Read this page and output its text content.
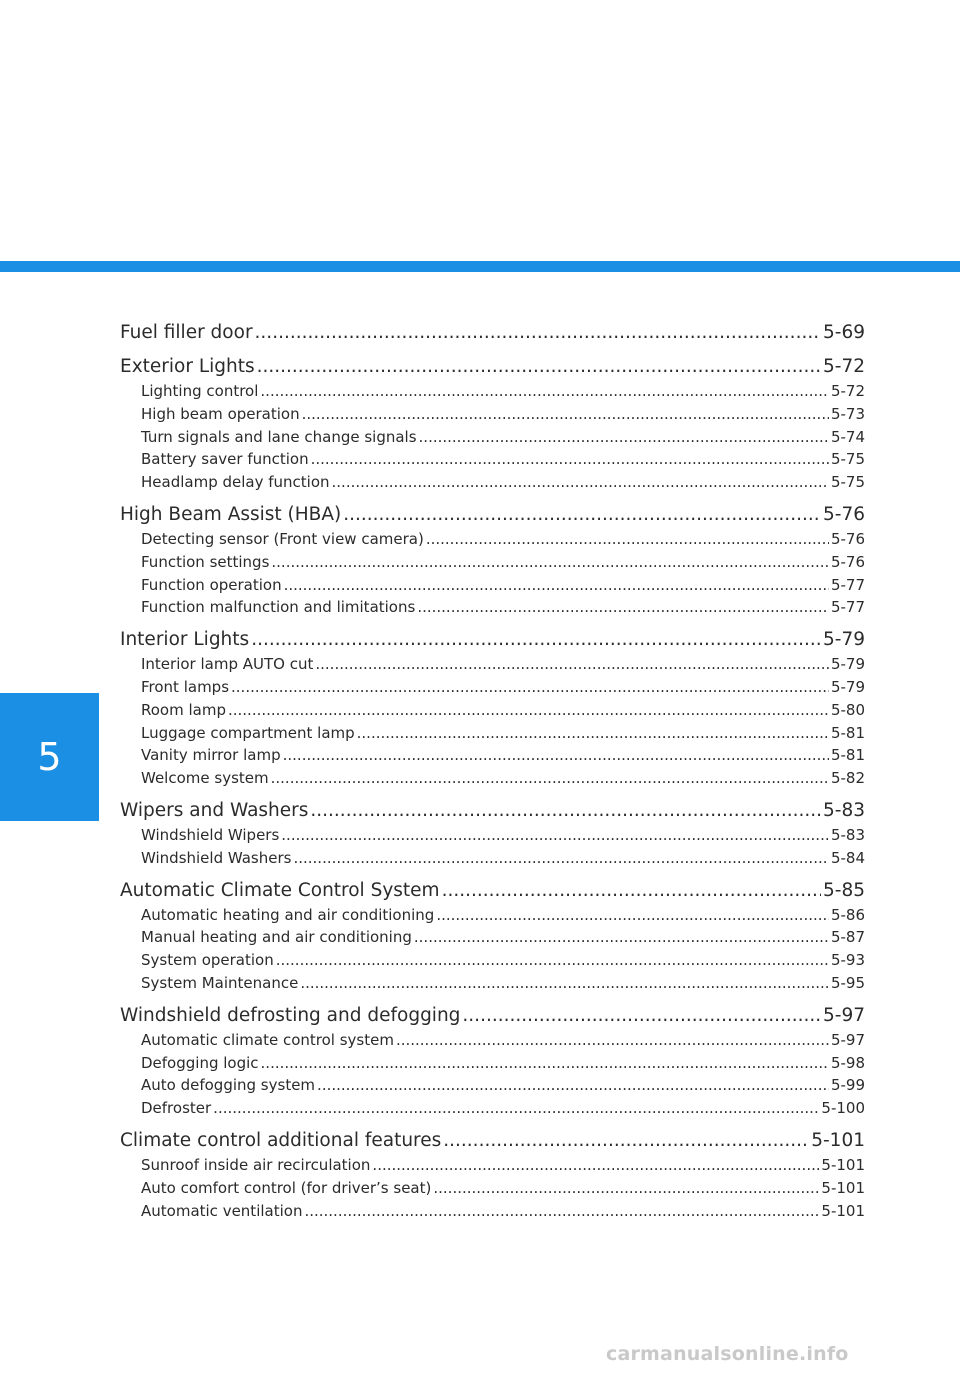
5
Fuel filler door .....	5-69
Exterior Lights .....	5-72
Lighting control .....	5-72
High beam operation .....	5-73
Turn signals and lane change signals .....	5-74
Battery saver function .....	5-75
Headlamp delay function .....	5-75
High Beam Assist (HBA) .....	5-76
Detecting sensor (Front view camera) .....	5-76
Function settings .....	5-76
Function operation .....	5-77
Function malfunction and limitations .....	5-77
Interior Lights .....	5-79
Interior lamp AUTO cut .....	5-79
Front lamps .....	5-79
Room lamp .....	5-80
Luggage compartment lamp .....	5-81
Vanity mirror lamp .....	5-81
Welcome system .....	5-82
Wipers and Washers .....	5-83
Windshield Wipers .....	5-83
Windshield Washers .....	5-84
Automatic Climate Control System .....	5-85
Automatic heating and air conditioning .....	5-86
Manual heating and air conditioning .....	5-87
System operation .....	5-93
System Maintenance .....	5-95
Windshield defrosting and defogging .....	5-97
Automatic climate control system .....	5-97
Defogging logic .....	5-98
Auto defogging system .....	5-99
Defroster .....	5-100
Climate control additional features .....	5-101
Sunroof inside air recirculation .....	5-101
Auto comfort control (for driver’s seat) .....	5-101
Automatic ventilation .....	5-101
carmanualsonline.info
